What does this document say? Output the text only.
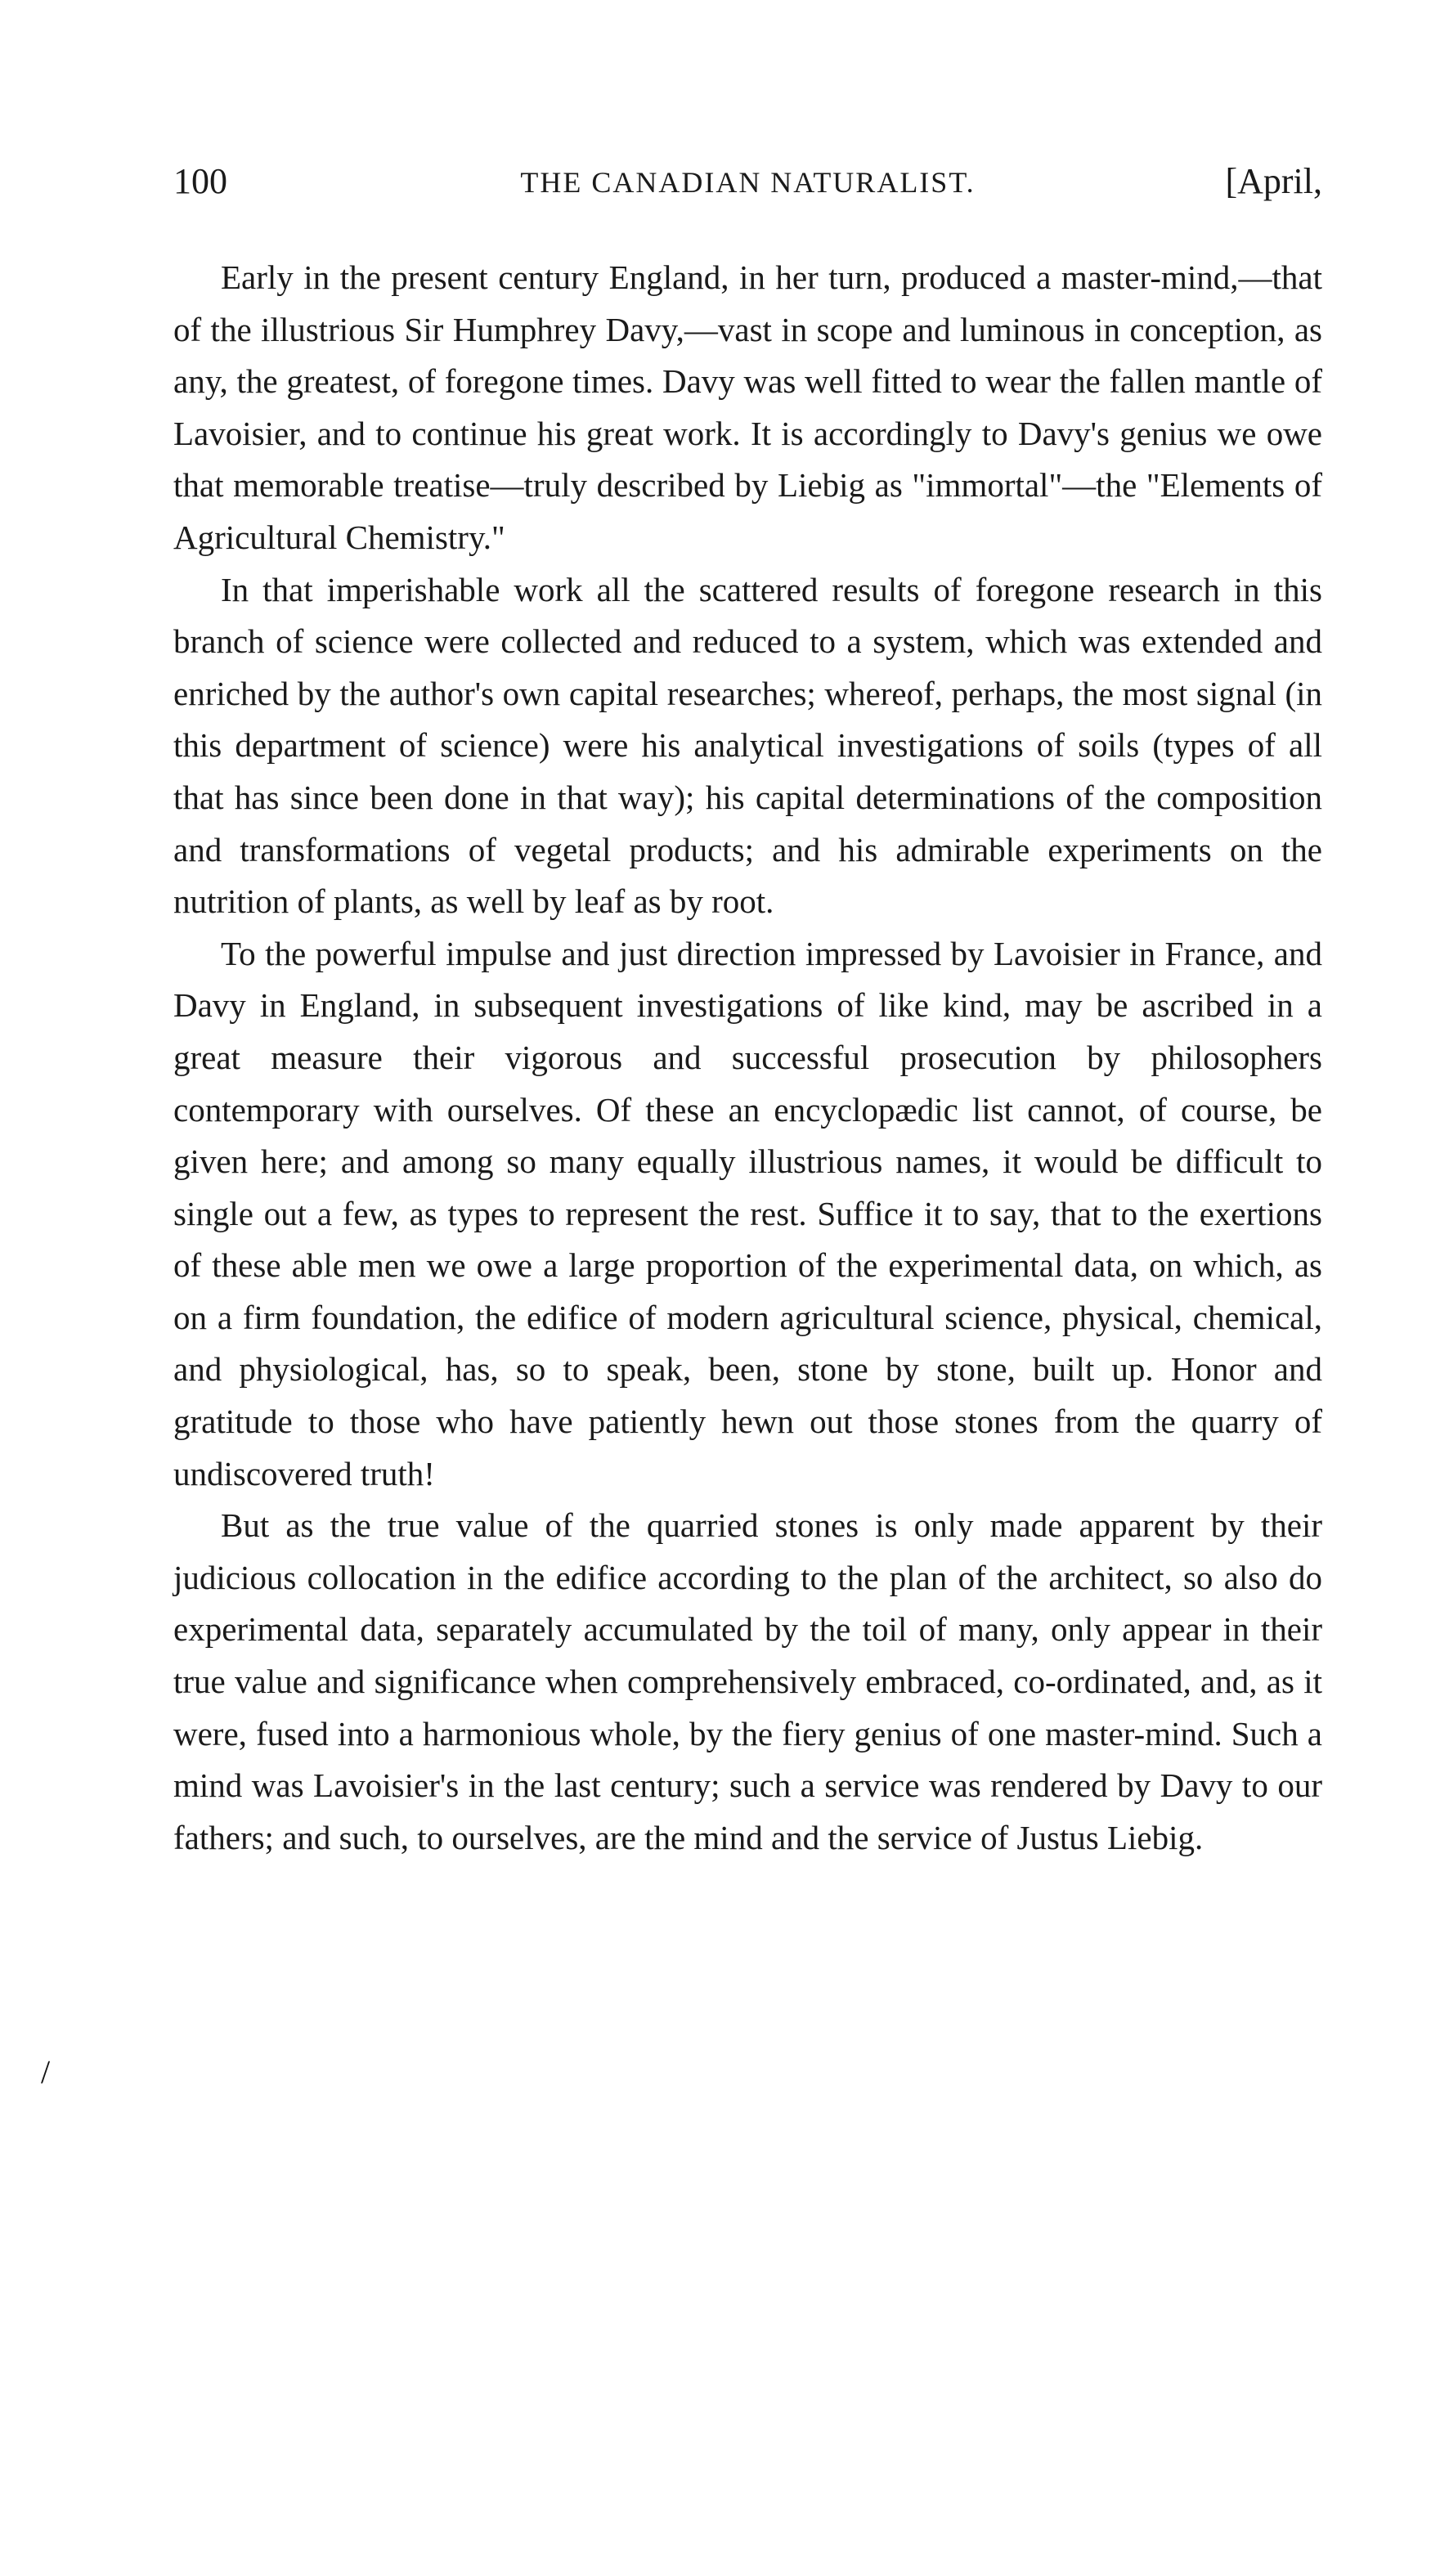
100	THE CANADIAN NATURALIST.	[April,

Early in the present century England, in her turn, produced a master-mind,—that of the illustrious Sir Humphrey Davy,—vast in scope and luminous in conception, as any, the greatest, of foregone times. Davy was well fitted to wear the fallen mantle of Lavoisier, and to continue his great work. It is accordingly to Davy's genius we owe that memorable treatise—truly described by Liebig as "immortal"—the "Elements of Agricultural Chemistry."

In that imperishable work all the scattered results of foregone research in this branch of science were collected and reduced to a system, which was extended and enriched by the author's own capital researches; whereof, perhaps, the most signal (in this department of science) were his analytical investigations of soils (types of all that has since been done in that way); his capital determinations of the composition and transformations of vegetal products; and his admirable experiments on the nutrition of plants, as well by leaf as by root.

To the powerful impulse and just direction impressed by Lavoisier in France, and Davy in England, in subsequent investigations of like kind, may be ascribed in a great measure their vigorous and successful prosecution by philosophers contemporary with ourselves. Of these an encyclopædic list cannot, of course, be given here; and among so many equally illustrious names, it would be difficult to single out a few, as types to represent the rest. Suffice it to say, that to the exertions of these able men we owe a large proportion of the experimental data, on which, as on a firm foundation, the edifice of modern agricultural science, physical, chemical, and physiological, has, so to speak, been, stone by stone, built up. Honor and gratitude to those who have patiently hewn out those stones from the quarry of undiscovered truth!

But as the true value of the quarried stones is only made apparent by their judicious collocation in the edifice according to the plan of the architect, so also do experimental data, separately accumulated by the toil of many, only appear in their true value and significance when comprehensively embraced, co-ordinated, and, as it were, fused into a harmonious whole, by the fiery genius of one master-mind. Such a mind was Lavoisier's in the last century; such a service was rendered by Davy to our fathers; and such, to ourselves, are the mind and the service of Justus Liebig.

/
